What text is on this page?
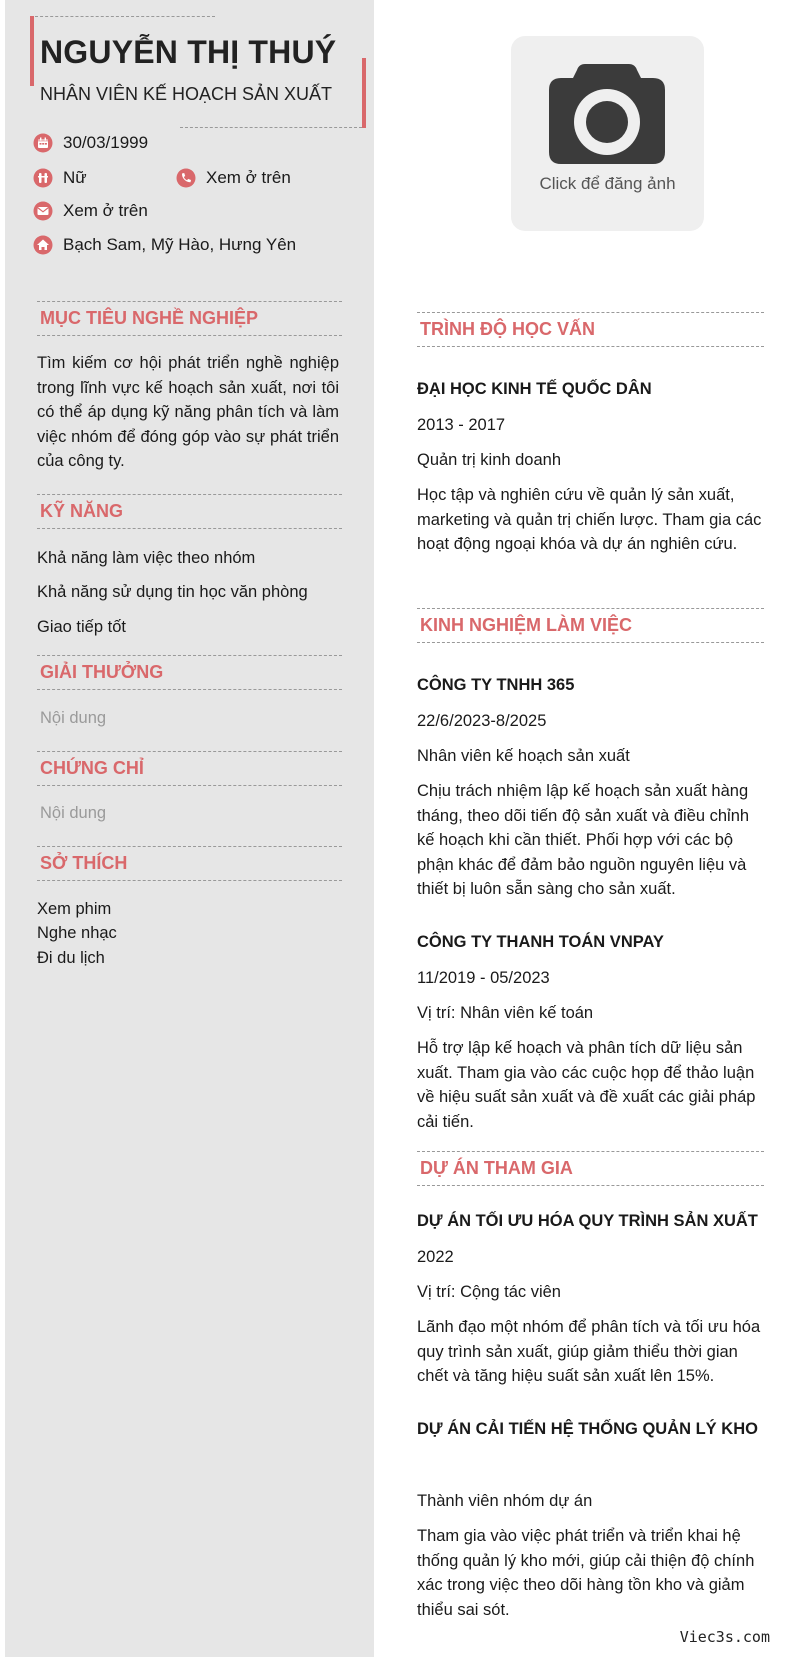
NGUYỄN THỊ THUÝ
NHÂN VIÊN KẾ HOẠCH SẢN XUẤT
30/03/1999
Nữ	Xem ở trên
Xem ở trên
Bạch Sam, Mỹ Hào, Hưng Yên
MỤC TIÊU NGHỀ NGHIỆP
Tìm kiếm cơ hội phát triển nghề nghiệp trong lĩnh vực kế hoạch sản xuất, nơi tôi có thể áp dụng kỹ năng phân tích và làm việc nhóm để đóng góp vào sự phát triển của công ty.
KỸ NĂNG
Khả năng làm việc theo nhóm
Khả năng sử dụng tin học văn phòng
Giao tiếp tốt
GIẢI THƯỞNG
Nội dung
CHỨNG CHỈ
Nội dung
SỞ THÍCH
Xem phim
Nghe nhạc
Đi du lịch
Click để đăng ảnh
TRÌNH ĐỘ HỌC VẤN
ĐẠI HỌC KINH TẾ QUỐC DÂN
2013 - 2017
Quản trị kinh doanh
Học tập và nghiên cứu về quản lý sản xuất, marketing và quản trị chiến lược. Tham gia các hoạt động ngoại khóa và dự án nghiên cứu.
KINH NGHIỆM LÀM VIỆC
CÔNG TY TNHH 365
22/6/2023-8/2025
Nhân viên kế hoạch sản xuất
Chịu trách nhiệm lập kế hoạch sản xuất hàng tháng, theo dõi tiến độ sản xuất và điều chỉnh kế hoạch khi cần thiết. Phối hợp với các bộ phận khác để đảm bảo nguồn nguyên liệu và thiết bị luôn sẵn sàng cho sản xuất.
CÔNG TY THANH TOÁN VNPAY
11/2019 - 05/2023
Vị trí: Nhân viên kế toán
Hỗ trợ lập kế hoạch và phân tích dữ liệu sản xuất. Tham gia vào các cuộc họp để thảo luận về hiệu suất sản xuất và đề xuất các giải pháp cải tiến.
DỰ ÁN THAM GIA
DỰ ÁN TỐI ƯU HÓA QUY TRÌNH SẢN XUẤT
2022
Vị trí: Cộng tác viên
Lãnh đạo một nhóm để phân tích và tối ưu hóa quy trình sản xuất, giúp giảm thiểu thời gian chết và tăng hiệu suất sản xuất lên 15%.
DỰ ÁN CẢI TIẾN HỆ THỐNG QUẢN LÝ KHO
Thành viên nhóm dự án
Tham gia vào việc phát triển và triển khai hệ thống quản lý kho mới, giúp cải thiện độ chính xác trong việc theo dõi hàng tồn kho và giảm thiểu sai sót.
Viec3s.com
